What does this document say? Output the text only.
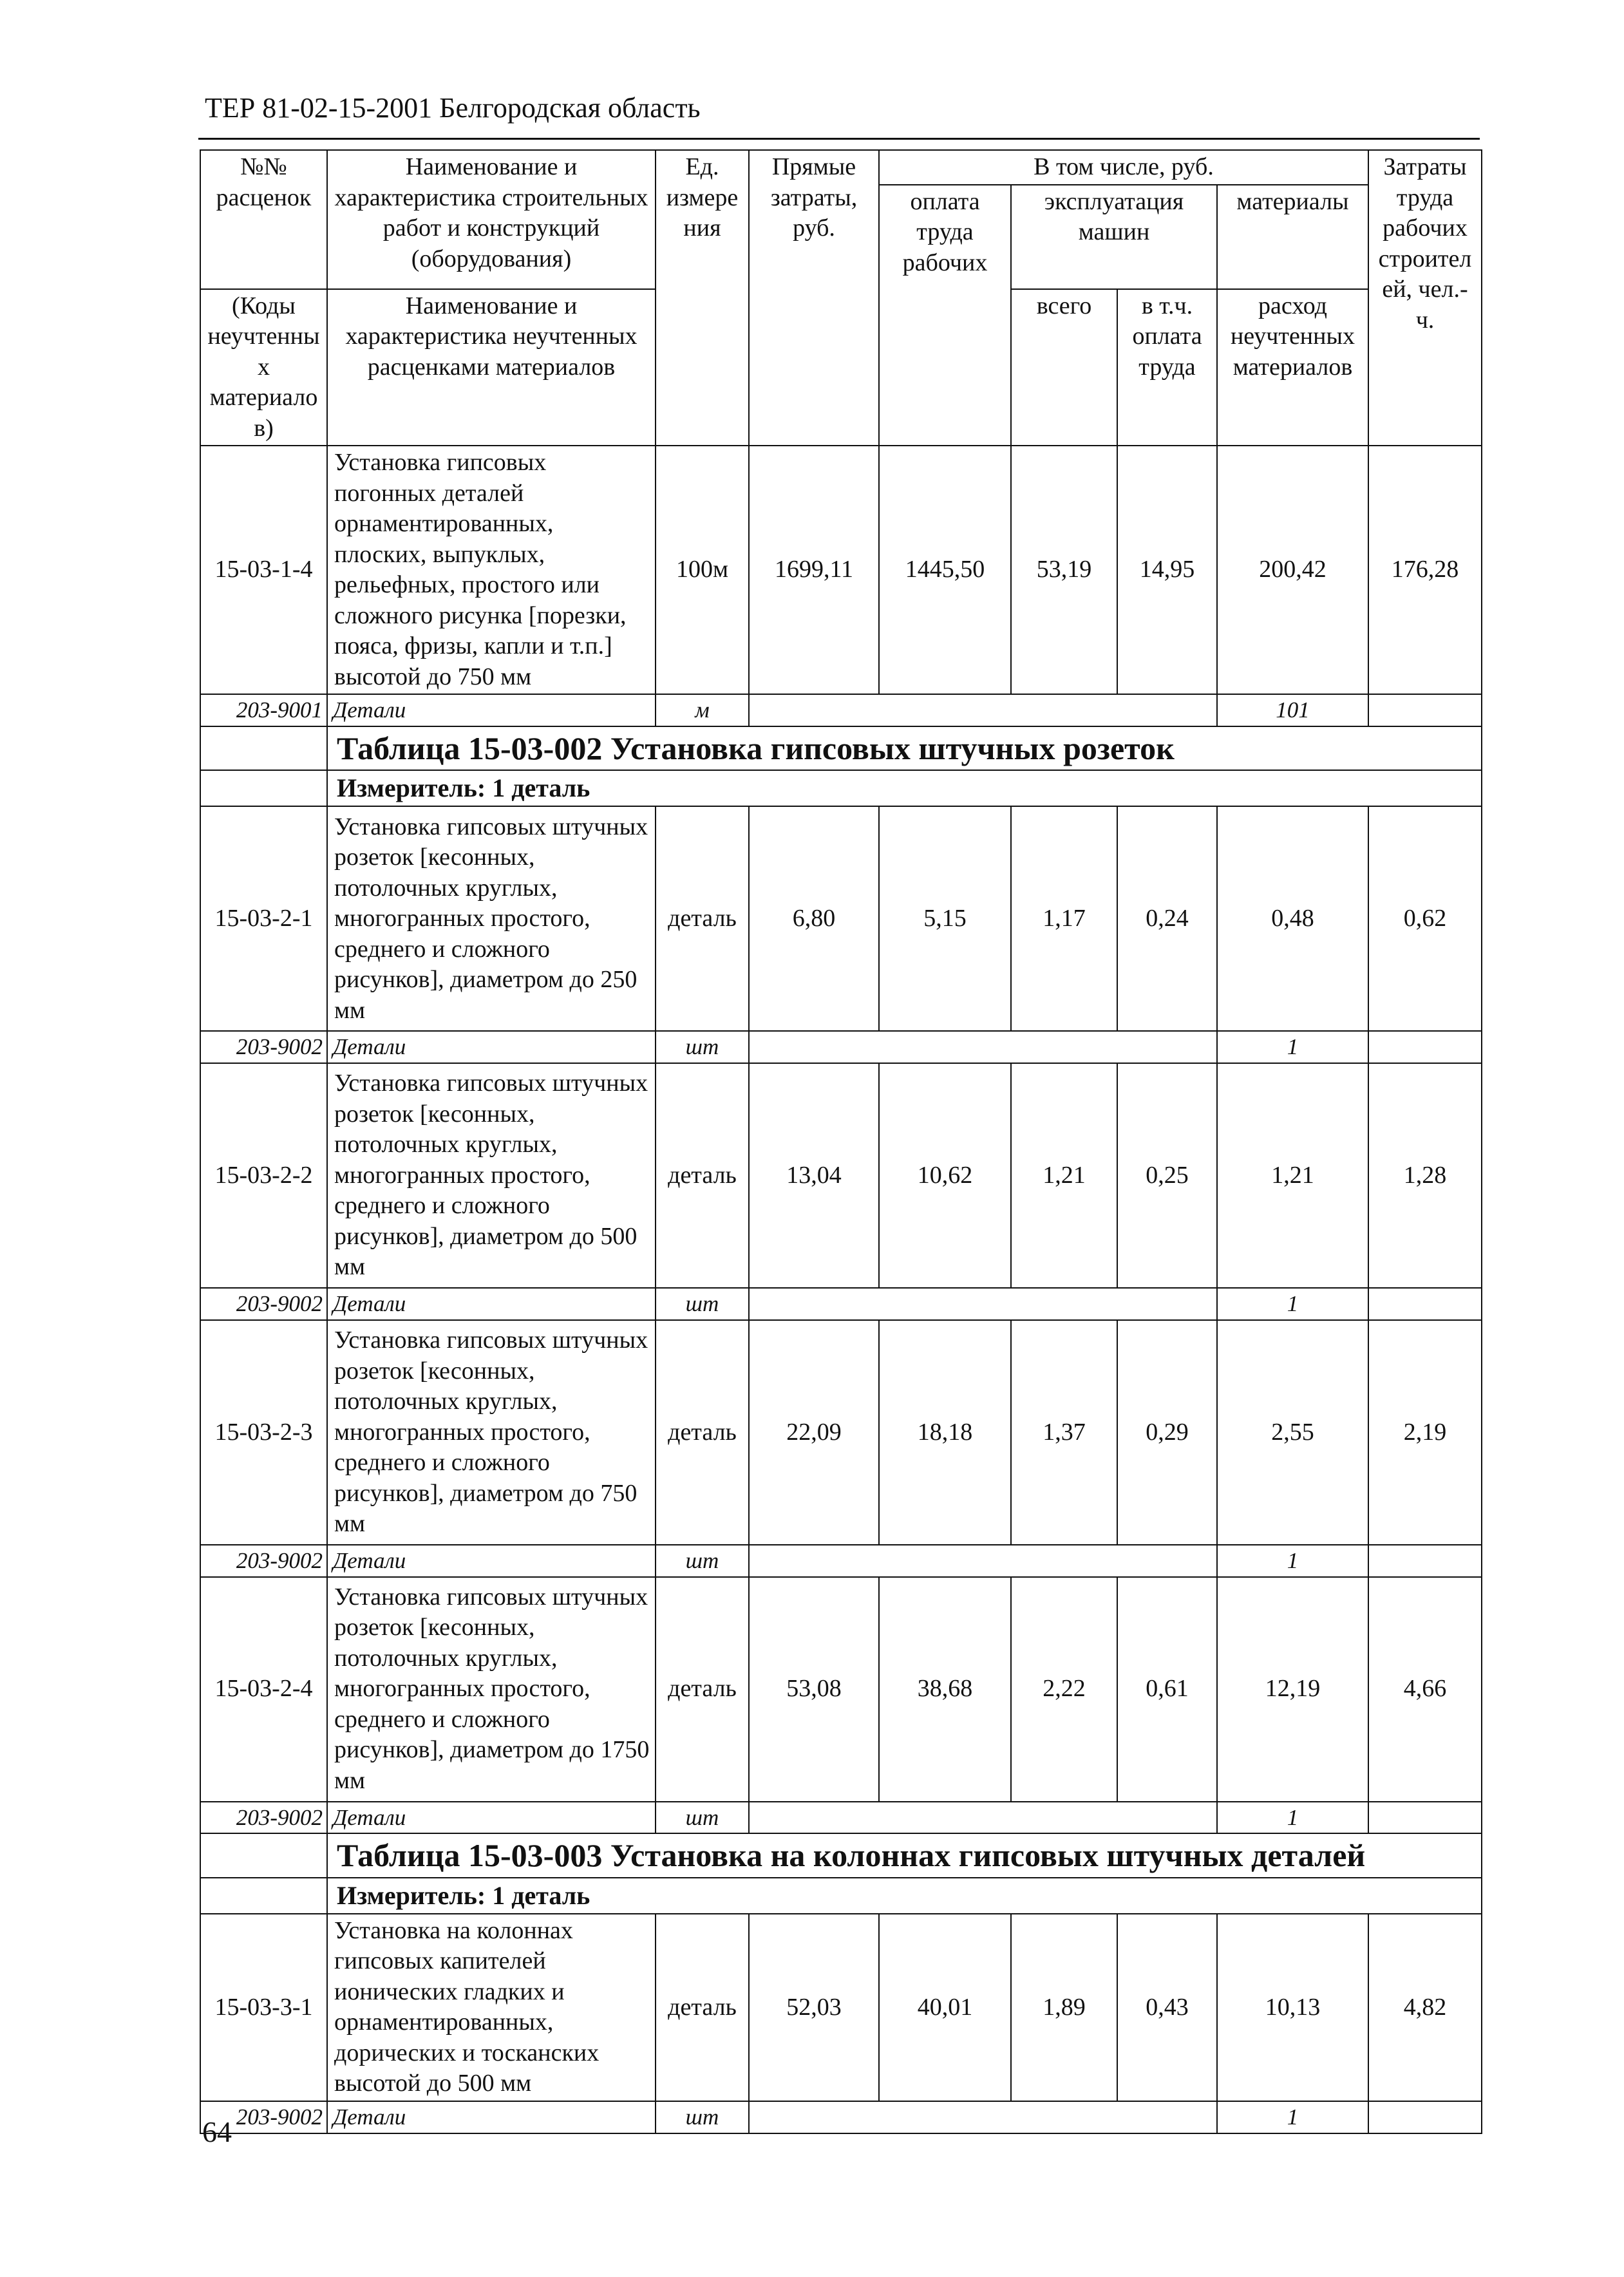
ТЕР 81-02-15-2001 Белгородская область
№№ расценок	Наименование и характеристика строительных работ и конструкций (оборудования)	Ед. измерения	Прямые затраты, руб.	В том числе, руб.				Затраты труда рабочих строителей, чел.-ч.
				оплата труда рабочих	эксплуатация машин		материалы	

(Коды неучтенных материалов)	Наименование и характеристика неучтенных расценками материалов				всего	в т.ч. оплата труда	расход неучтенных материалов	

15-03-1-4	Установка гипсовых погонных деталей орнаментированных, плоских, выпуклых, рельефных, простого или сложного рисунка [порезки, пояса, фризы, капли и т.п.] высотой до 750 мм	100м	1699,11	1445,50	53,19	14,95	200,42	176,28
203-9001	Детали	м					101	
	Таблица 15-03-002 Установка гипсовых штучных розеток							
	Измеритель: 1 деталь							
15-03-2-1	Установка гипсовых штучных розеток [кесонных, потолочных круглых, многогранных простого, среднего и сложного рисунков], диаметром до 250 мм	деталь	6,80	5,15	1,17	0,24	0,48	0,62
203-9002	Детали	шт					1	
15-03-2-2	Установка гипсовых штучных розеток [кесонных, потолочных круглых, многогранных простого, среднего и сложного рисунков], диаметром до 500 мм	деталь	13,04	10,62	1,21	0,25	1,21	1,28
203-9002	Детали	шт					1	
15-03-2-3	Установка гипсовых штучных розеток [кесонных, потолочных круглых, многогранных простого, среднего и сложного рисунков], диаметром до 750 мм	деталь	22,09	18,18	1,37	0,29	2,55	2,19
203-9002	Детали	шт					1	
15-03-2-4	Установка гипсовых штучных розеток [кесонных, потолочных круглых, многогранных простого, среднего и сложного рисунков], диаметром до 1750 мм	деталь	53,08	38,68	2,22	0,61	12,19	4,66
203-9002	Детали	шт					1	
	Таблица 15-03-003 Установка на колоннах гипсовых штучных деталей							
	Измеритель: 1 деталь							
15-03-3-1	Установка на колоннах гипсовых капителей ионических гладких и орнаментированных, дорических и тосканских высотой до 500 мм	деталь	52,03	40,01	1,89	0,43	10,13	4,82
203-9002	Детали	шт					1	
64
